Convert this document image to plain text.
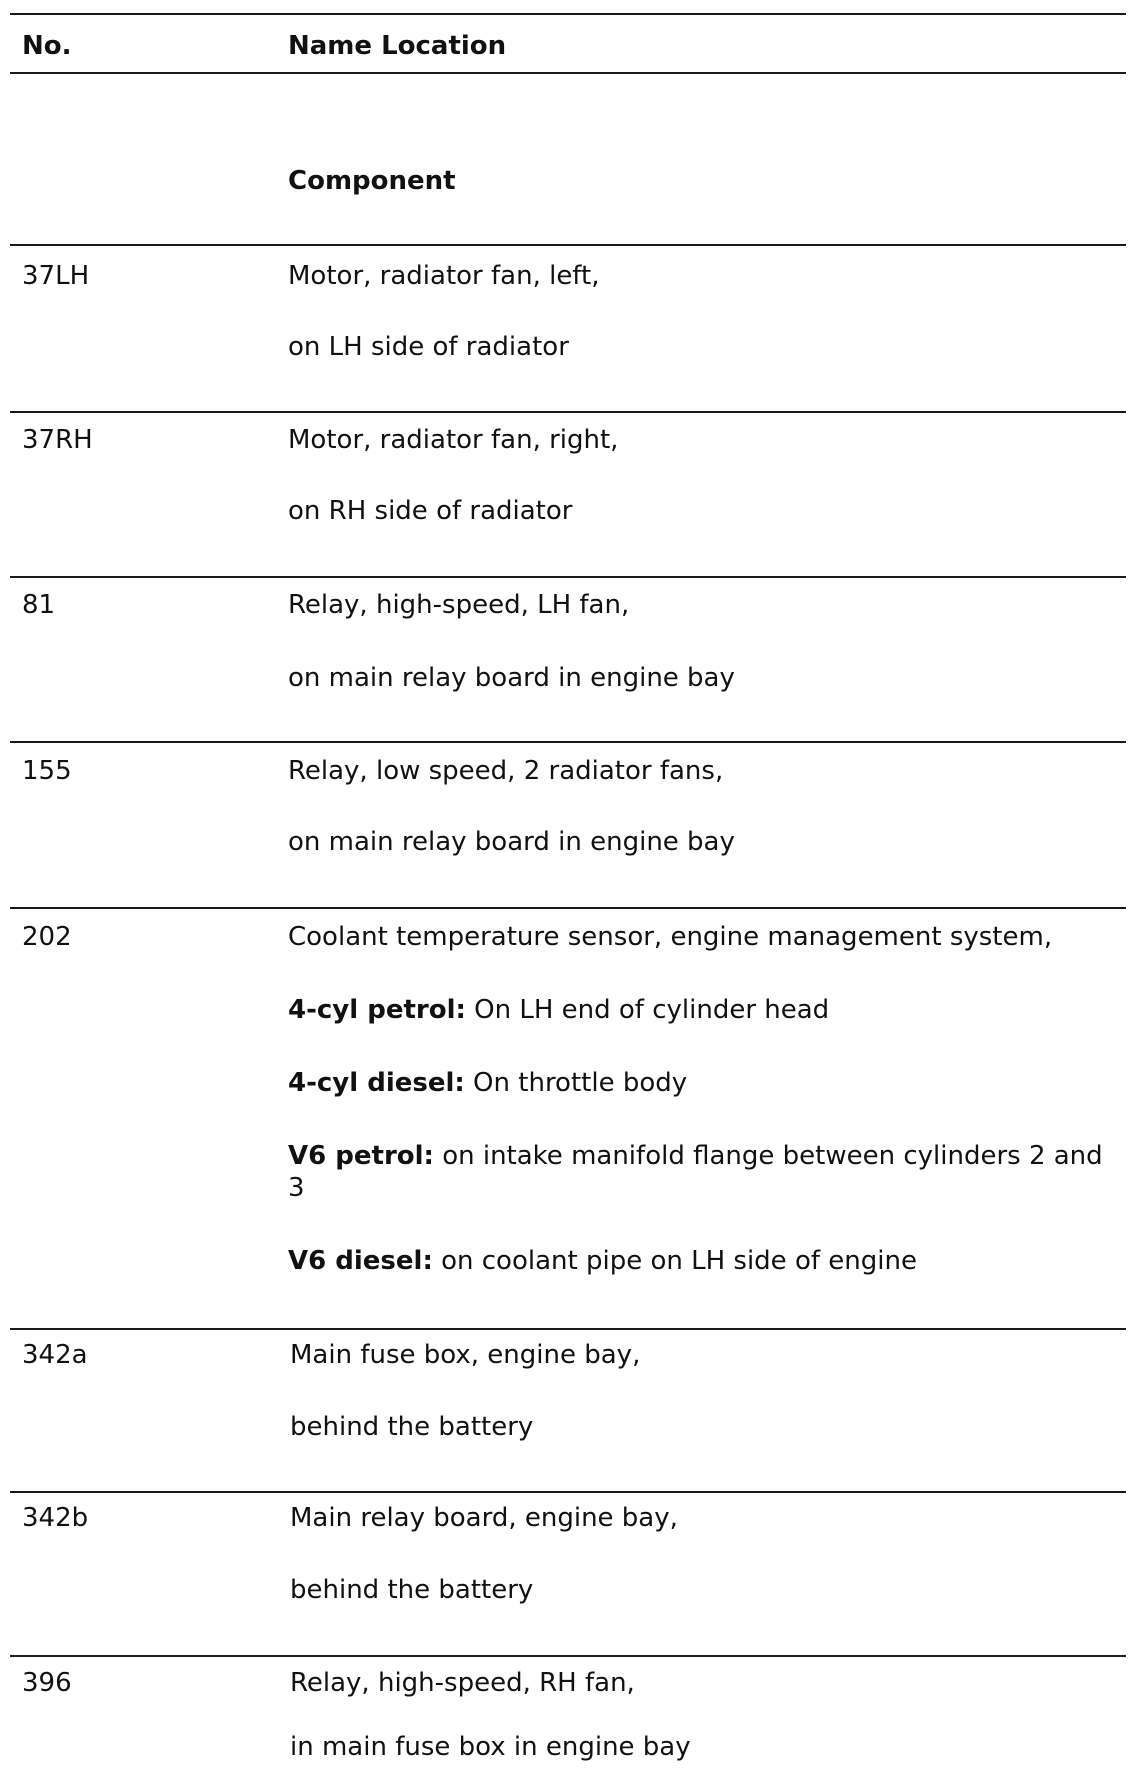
No.	Name Location
Component
37LH	Motor, radiator fan, left,
on LH side of radiator
37RH	Motor, radiator fan, right,
on RH side of radiator
81	Relay, high-speed, LH fan,
on main relay board in engine bay
155	Relay, low speed, 2 radiator fans,
on main relay board in engine bay
202	Coolant temperature sensor, engine management system,
4-cyl petrol: On LH end of cylinder head
4-cyl diesel: On throttle body
V6 petrol: on intake manifold flange between cylinders 2 and 3
V6 diesel: on coolant pipe on LH side of engine
342a	Main fuse box, engine bay,
behind the battery
342b	Main relay board, engine bay,
behind the battery
396	Relay, high-speed, RH fan,
in main fuse box in engine bay
